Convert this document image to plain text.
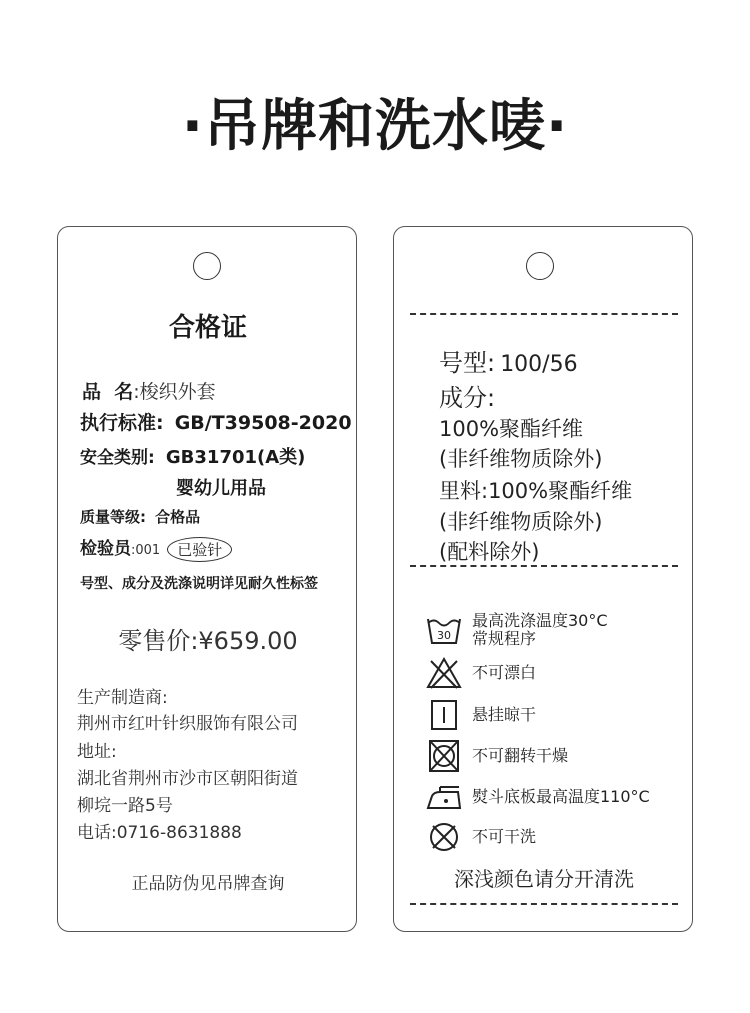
·吊牌和洗水唛·
合格证
品  名:梭织外套
执行标准: GB/T39508-2020
安全类别: GB31701(A类)
婴幼儿用品
质量等级: 合格品
检验员:001 已验针
号型、成分及洗涤说明详见耐久性标签
零售价:¥659.00
生产制造商:
荆州市红叶针织服饰有限公司
地址:
湖北省荆州市沙市区朝阳街道
柳垸一路5号
电话:0716-8631888
正品防伪见吊牌查询
号型: 100/56
成分:
100%聚酯纤维
(非纤维物质除外)
里料:100%聚酯纤维
(非纤维物质除外)
(配料除外)
30
最高洗涤温度30°C
常规程序
不可漂白
悬挂晾干
不可翻转干燥
熨斗底板最高温度110°C
不可干洗
深浅颜色请分开清洗
